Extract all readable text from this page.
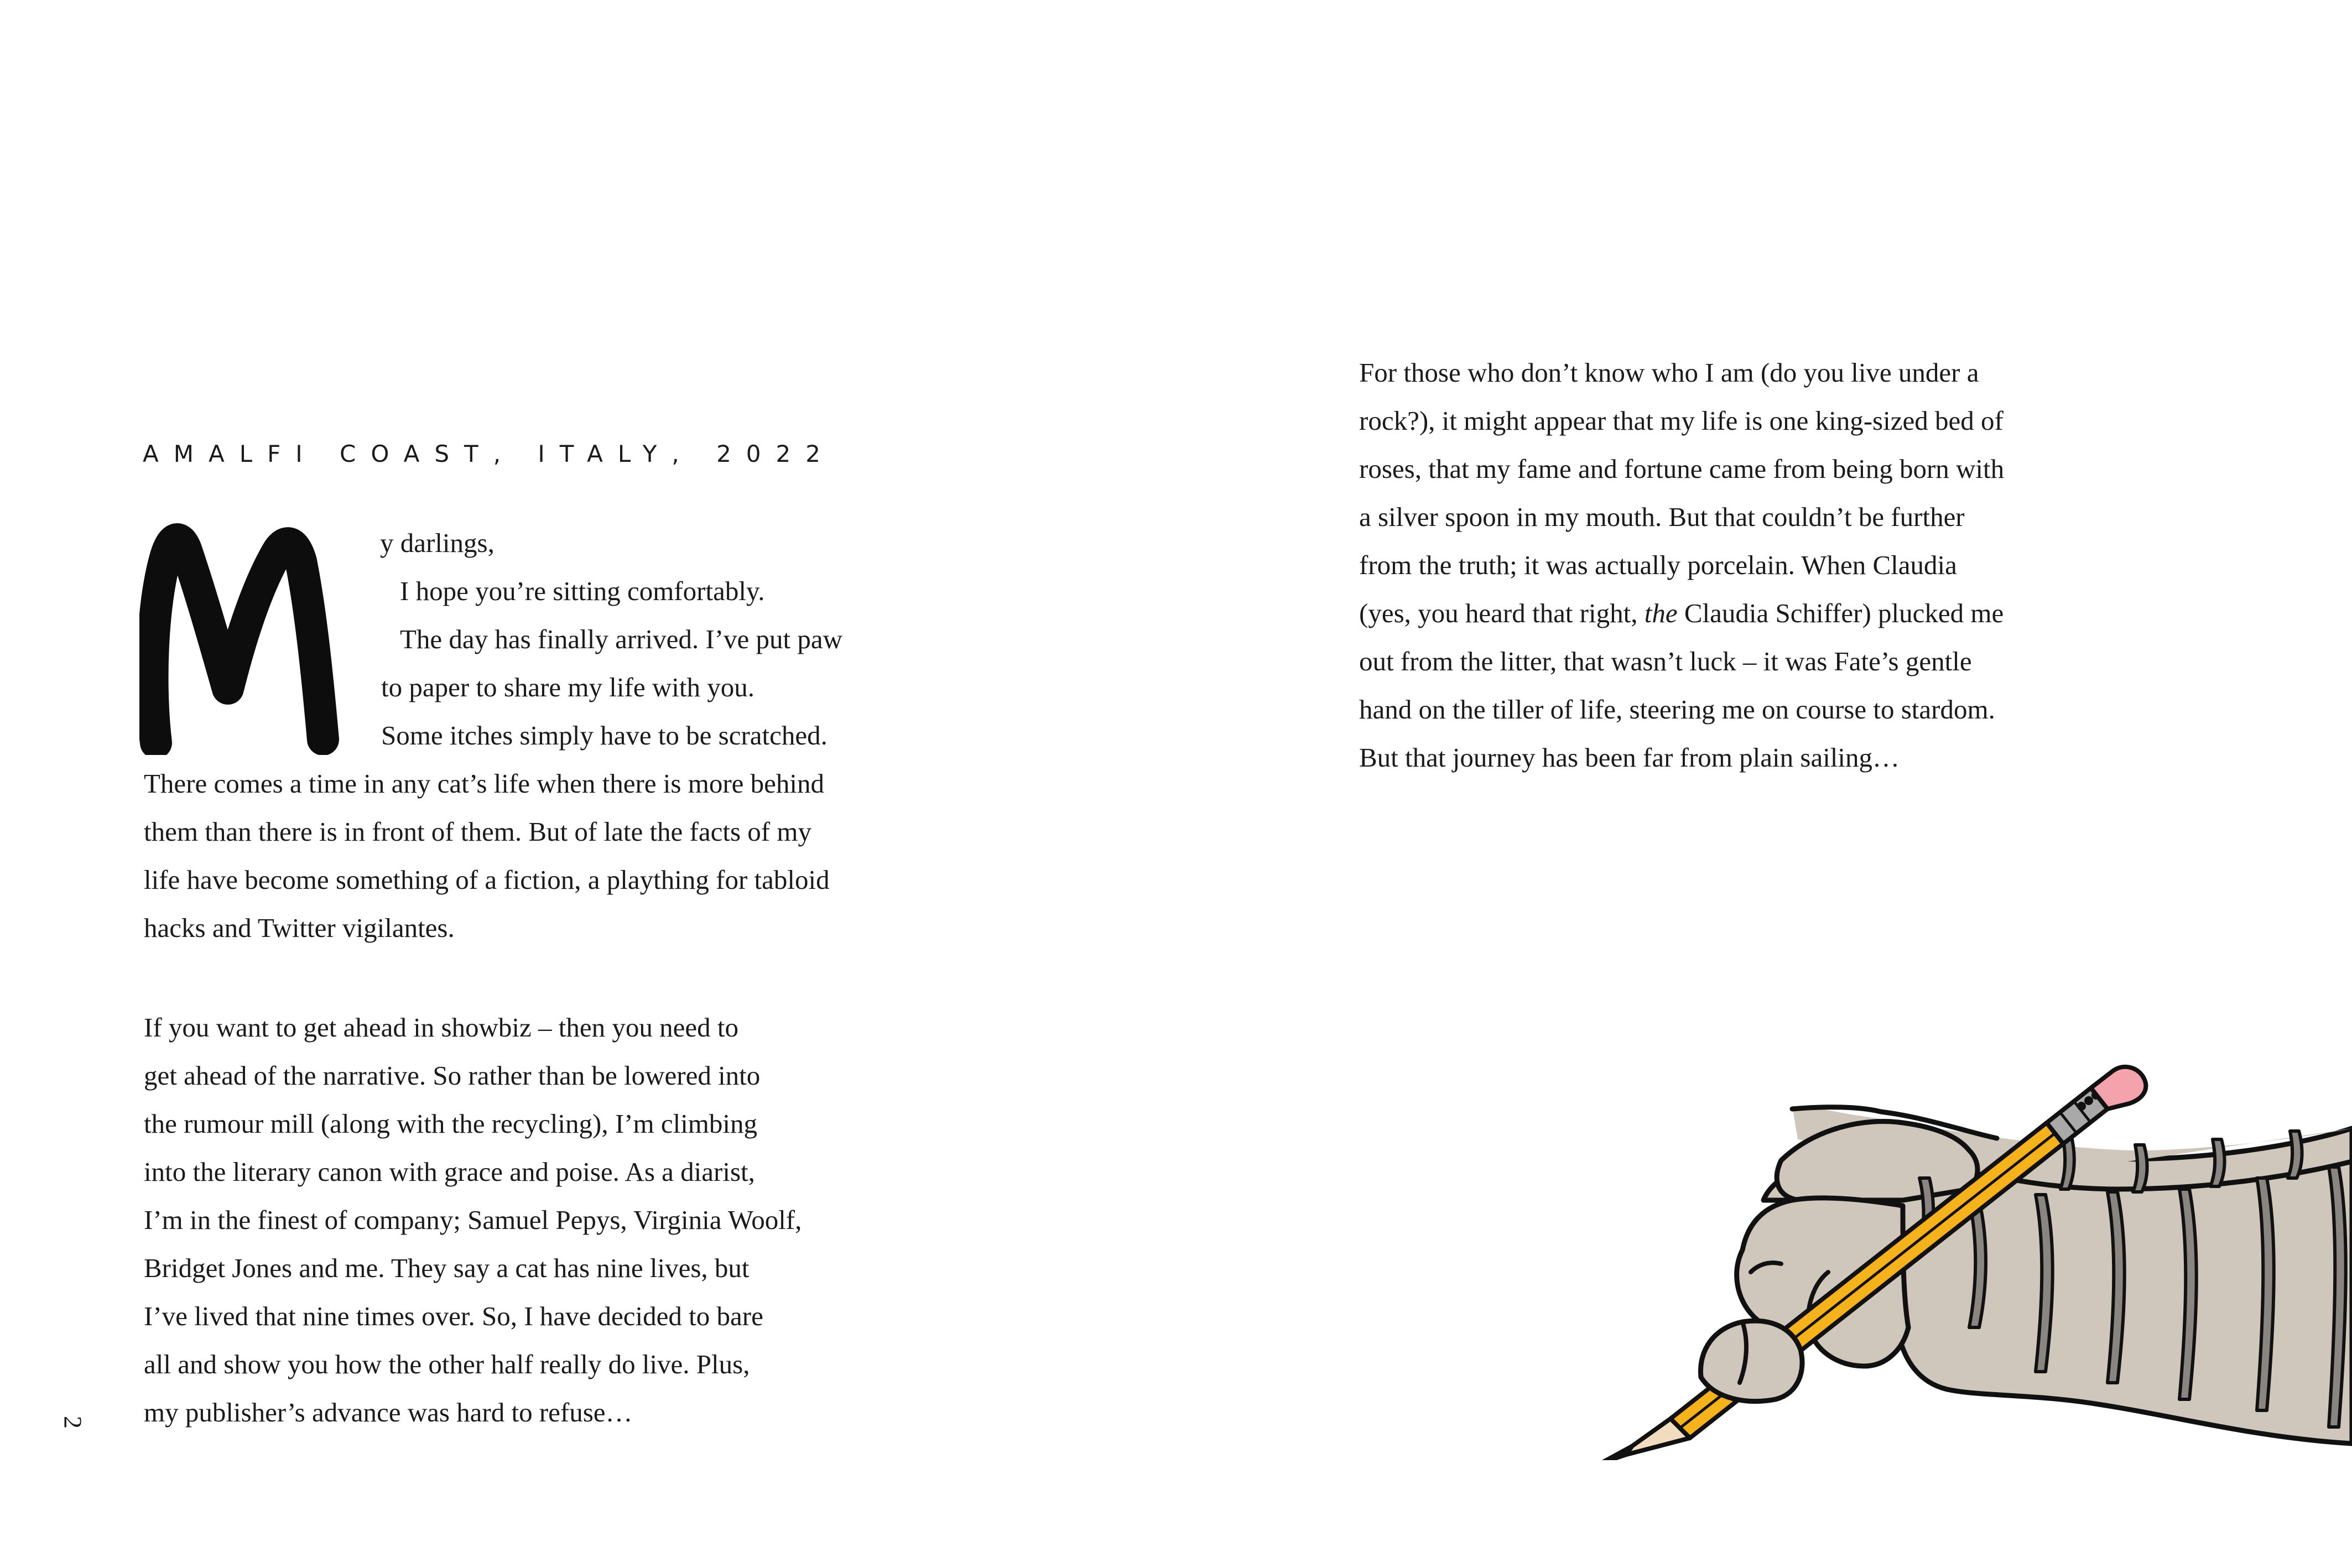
AMALFI COAST, ITALY, 2022

y darlings,

I hope you’re sitting comfortably.

The day has finally arrived. I’ve put paw

to paper to share my life with you.

Some itches simply have to be scratched.

There comes a time in any cat’s life when there is more behind

them than there is in front of them. But of late the facts of my

life have become something of a fiction, a plaything for tabloid

hacks and Twitter vigilantes.

If you want to get ahead in showbiz – then you need to

get ahead of the narrative. So rather than be lowered into

the rumour mill (along with the recycling), I’m climbing

into the literary canon with grace and poise. As a diarist,

I’m in the finest of company; Samuel Pepys, Virginia Woolf,

Bridget Jones and me. They say a cat has nine lives, but

I’ve lived that nine times over. So, I have decided to bare

all and show you how the other half really do live. Plus,

my publisher’s advance was hard to refuse…

2

For those who don’t know who I am (do you live under a

rock?), it might appear that my life is one king-sized bed of

roses, that my fame and fortune came from being born with

a silver spoon in my mouth. But that couldn’t be further

from the truth; it was actually porcelain. When Claudia

(yes, you heard that right, the Claudia Schiffer) plucked me

out from the litter, that wasn’t luck – it was Fate’s gentle

hand on the tiller of life, steering me on course to stardom.

But that journey has been far from plain sailing…
